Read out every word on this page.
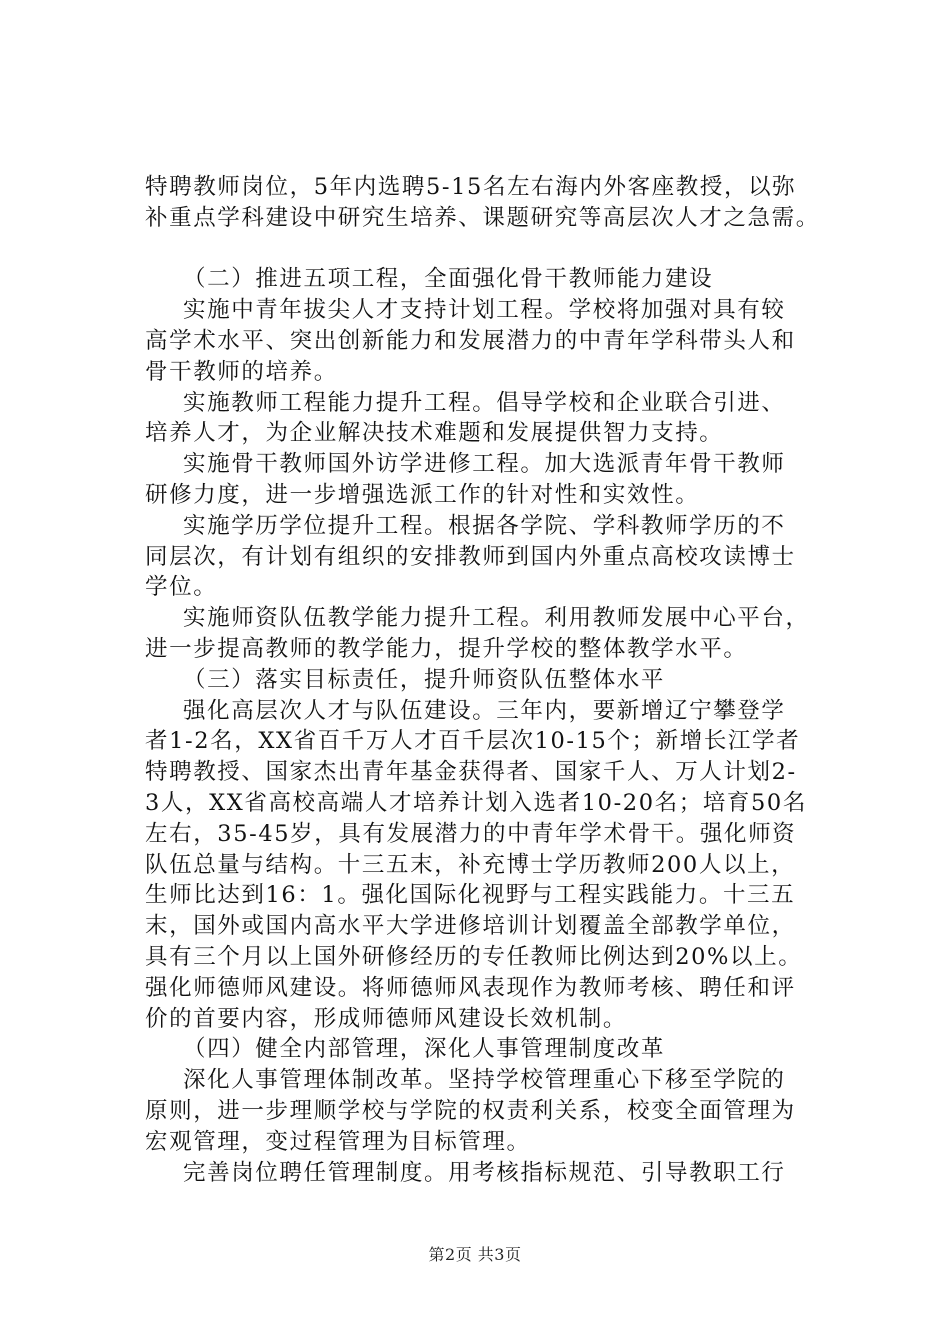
特聘教师岗位，5年内选聘5-15名左右海内外客座教授，以弥
补重点学科建设中研究生培养、课题研究等高层次人才之急需。
（二）推进五项工程，全面强化骨干教师能力建设
实施中青年拔尖人才支持计划工程。学校将加强对具有较
高学术水平、突出创新能力和发展潜力的中青年学科带头人和
骨干教师的培养。
实施教师工程能力提升工程。倡导学校和企业联合引进、
培养人才，为企业解决技术难题和发展提供智力支持。
实施骨干教师国外访学进修工程。加大选派青年骨干教师
研修力度，进一步增强选派工作的针对性和实效性。
实施学历学位提升工程。根据各学院、学科教师学历的不
同层次，有计划有组织的安排教师到国内外重点高校攻读博士
学位。
实施师资队伍教学能力提升工程。利用教师发展中心平台，
进一步提高教师的教学能力，提升学校的整体教学水平。
（三）落实目标责任，提升师资队伍整体水平
强化高层次人才与队伍建设。三年内，要新增辽宁攀登学
者1-2名，XX省百千万人才百千层次10-15个；新增长江学者
特聘教授、国家杰出青年基金获得者、国家千人、万人计划2-
3人，XX省高校高端人才培养计划入选者10-20名；培育50名
左右，35-45岁，具有发展潜力的中青年学术骨干。强化师资
队伍总量与结构。十三五末，补充博士学历教师200人以上，
生师比达到16：1。强化国际化视野与工程实践能力。十三五
末，国外或国内高水平大学进修培训计划覆盖全部教学单位，
具有三个月以上国外研修经历的专任教师比例达到20%以上。
强化师德师风建设。将师德师风表现作为教师考核、聘任和评
价的首要内容，形成师德师风建设长效机制。
（四）健全内部管理，深化人事管理制度改革
深化人事管理体制改革。坚持学校管理重心下移至学院的
原则，进一步理顺学校与学院的权责利关系，校变全面管理为
宏观管理，变过程管理为目标管理。
完善岗位聘任管理制度。用考核指标规范、引导教职工行
第2页 共3页
